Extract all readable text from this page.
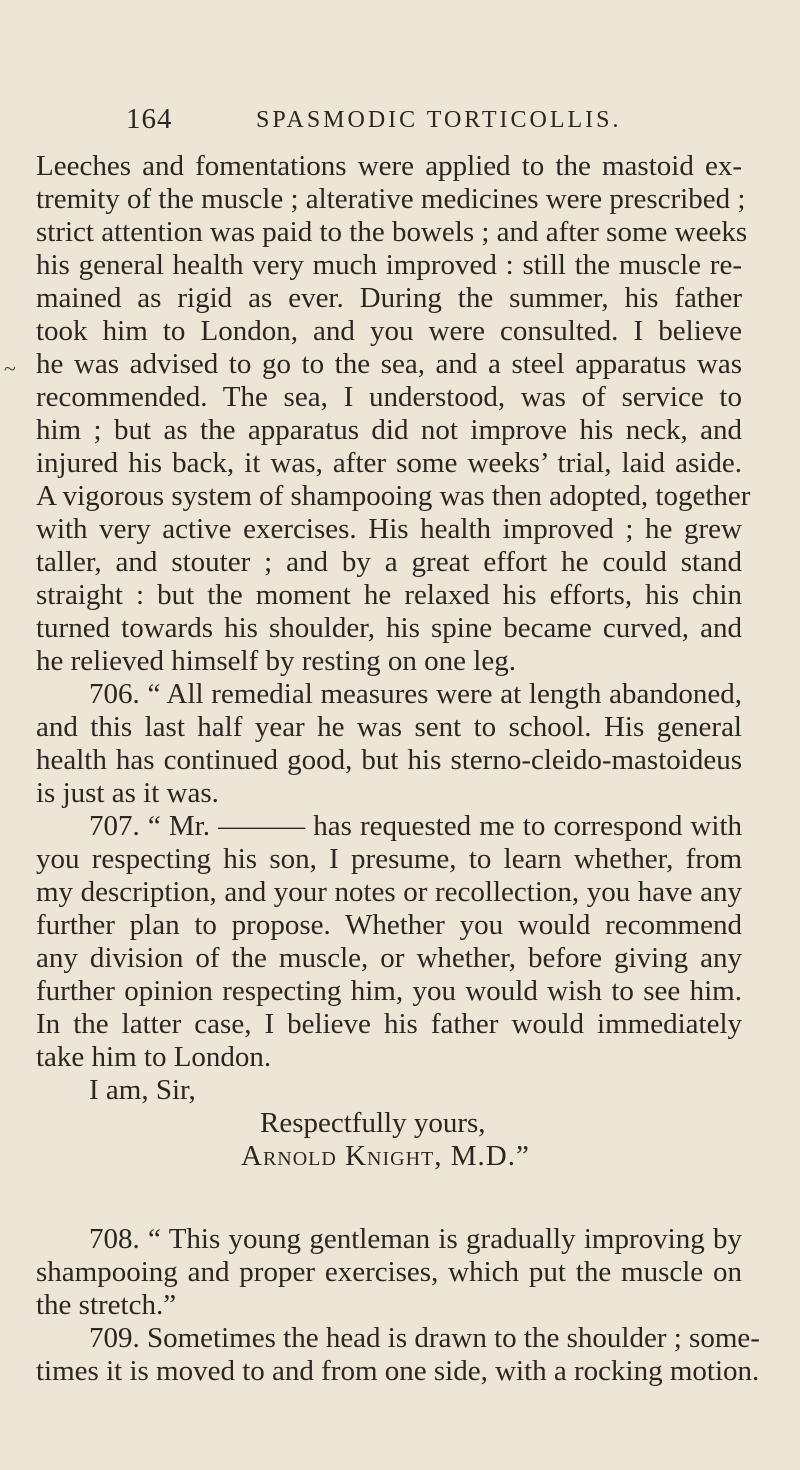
164	SPASMODIC TORTICOLLIS.
~
Leeches and fomentations were applied to the mastoid ex-
tremity of the muscle ; alterative medicines were prescribed ;
strict attention was paid to the bowels ; and after some weeks
his general health very much improved : still the muscle re-
mained as rigid as ever. During the summer, his father
took him to London, and you were consulted. I believe
he was advised to go to the sea, and a steel apparatus was
recommended. The sea, I understood, was of service to
him ; but as the apparatus did not improve his neck, and
injured his back, it was, after some weeks’ trial, laid aside.
A vigorous system of shampooing was then adopted, together
with very active exercises. His health improved ; he grew
taller, and stouter ; and by a great effort he could stand
straight : but the moment he relaxed his efforts, his chin
turned towards his shoulder, his spine became curved, and
he relieved himself by resting on one leg.
706. “ All remedial measures were at length abandoned,
and this last half year he was sent to school. His general
health has continued good, but his sterno-cleido-mastoideus
is just as it was.
707. “ Mr. ——— has requested me to correspond with
you respecting his son, I presume, to learn whether, from
my description, and your notes or recollection, you have any
further plan to propose. Whether you would recommend
any division of the muscle, or whether, before giving any
further opinion respecting him, you would wish to see him.
In the latter case, I believe his father would immediately
take him to London.
I am, Sir,
Respectfully yours,
Arnold Knight, M.D.”
708. “ This young gentleman is gradually improving by
shampooing and proper exercises, which put the muscle on
the stretch.”
709. Sometimes the head is drawn to the shoulder ; some-
times it is moved to and from one side, with a rocking motion.
